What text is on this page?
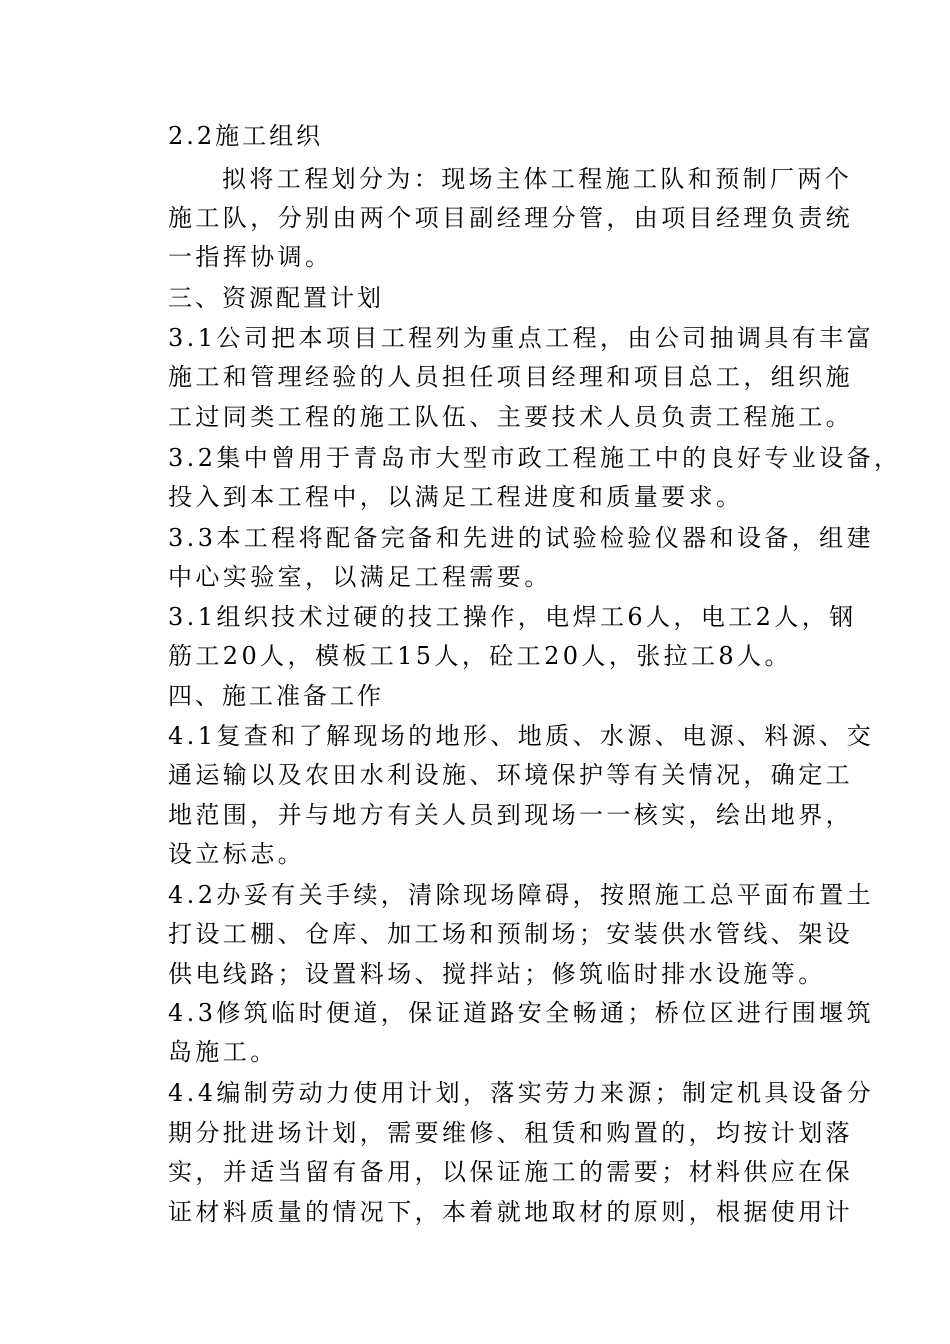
2.2施工组织
拟将工程划分为：现场主体工程施工队和预制厂两个
施工队，分别由两个项目副经理分管，由项目经理负责统
一指挥协调。
三、资源配置计划
3.1公司把本项目工程列为重点工程，由公司抽调具有丰富
施工和管理经验的人员担任项目经理和项目总工，组织施
工过同类工程的施工队伍、主要技术人员负责工程施工。
3.2集中曾用于青岛市大型市政工程施工中的良好专业设备，
投入到本工程中，以满足工程进度和质量要求。
3.3本工程将配备完备和先进的试验检验仪器和设备，组建
中心实验室，以满足工程需要。
3.1组织技术过硬的技工操作，电焊工6人，电工2人，钢
筋工20人，模板工15人，砼工20人，张拉工8人。
四、施工准备工作
4.1复查和了解现场的地形、地质、水源、电源、料源、交
通运输以及农田水利设施、环境保护等有关情况，确定工
地范围，并与地方有关人员到现场一一核实，绘出地界，
设立标志。
4.2办妥有关手续，清除现场障碍，按照施工总平面布置土
打设工棚、仓库、加工场和预制场；安装供水管线、架设
供电线路；设置料场、搅拌站；修筑临时排水设施等。
4.3修筑临时便道，保证道路安全畅通；桥位区进行围堰筑
岛施工。
4.4编制劳动力使用计划，落实劳力来源；制定机具设备分
期分批进场计划，需要维修、租赁和购置的，均按计划落
实，并适当留有备用，以保证施工的需要；材料供应在保
证材料质量的情况下，本着就地取材的原则，根据使用计
